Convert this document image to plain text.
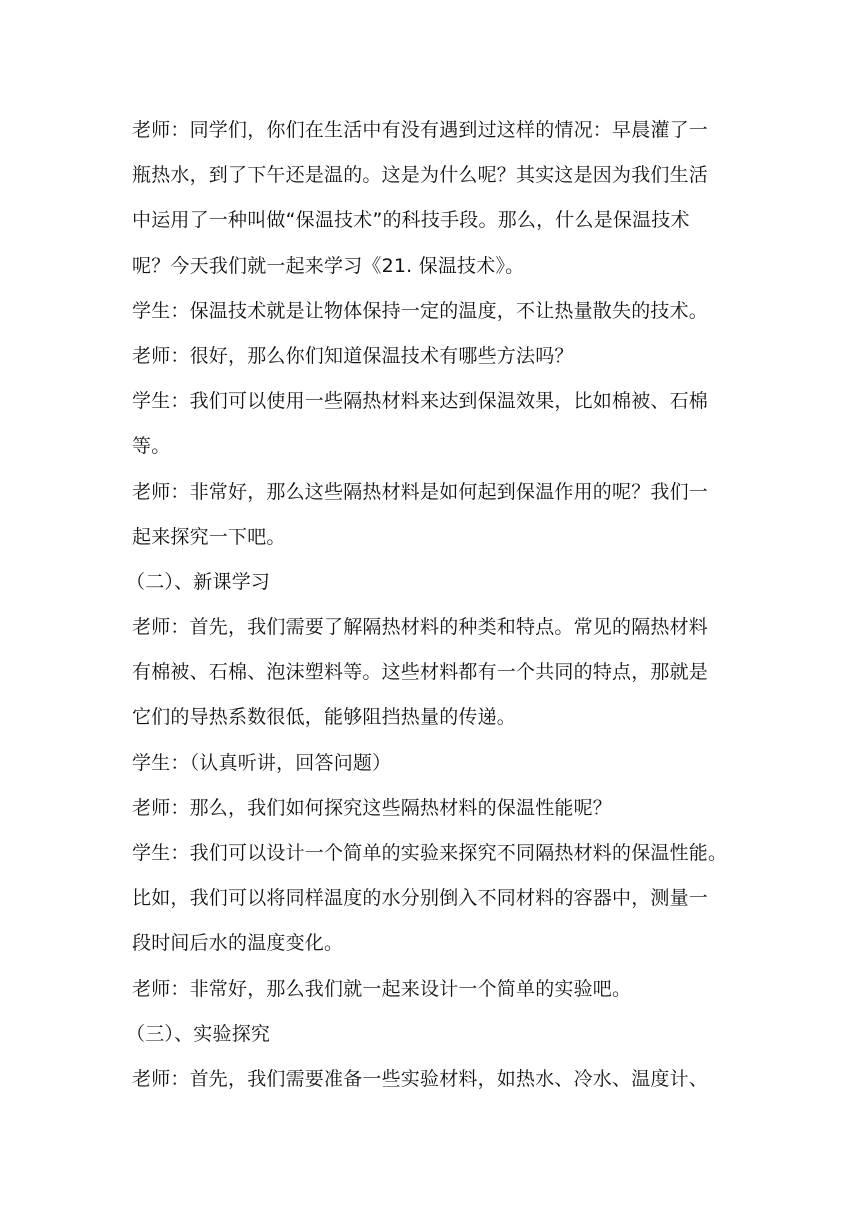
老师：同学们，你们在生活中有没有遇到过这样的情况：早晨灌了一
瓶热水，到了下午还是温的。这是为什么呢？其实这是因为我们生活
中运用了一种叫做“保温技术”的科技手段。那么，什么是保温技术
呢？今天我们就一起来学习《21. 保温技术》。
学生：保温技术就是让物体保持一定的温度，不让热量散失的技术。
老师：很好，那么你们知道保温技术有哪些方法吗？
学生：我们可以使用一些隔热材料来达到保温效果，比如棉被、石棉
等。
老师：非常好，那么这些隔热材料是如何起到保温作用的呢？我们一
起来探究一下吧。
（二）、新课学习
老师：首先，我们需要了解隔热材料的种类和特点。常见的隔热材料
有棉被、石棉、泡沫塑料等。这些材料都有一个共同的特点，那就是
它们的导热系数很低，能够阻挡热量的传递。
学生：（认真听讲，回答问题）
老师：那么，我们如何探究这些隔热材料的保温性能呢？
学生：我们可以设计一个简单的实验来探究不同隔热材料的保温性能。
比如，我们可以将同样温度的水分别倒入不同材料的容器中，测量一
段时间后水的温度变化。
老师：非常好，那么我们就一起来设计一个简单的实验吧。
（三）、实验探究
老师：首先，我们需要准备一些实验材料，如热水、冷水、温度计、
